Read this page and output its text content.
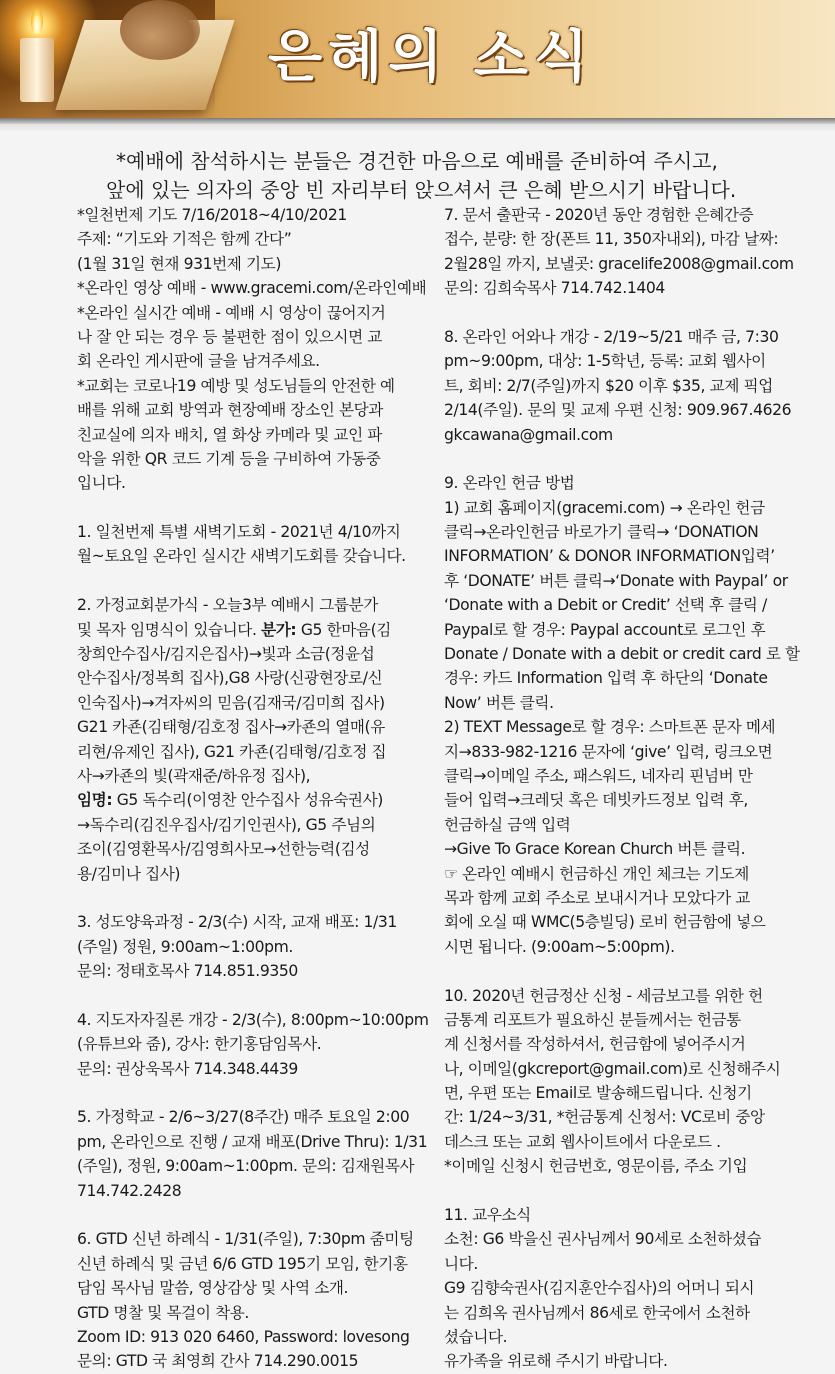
은혜의 소식
*예배에 참석하시는 분들은 경건한 마음으로 예배를 준비하여 주시고,
앞에 있는 의자의 중앙 빈 자리부터 앉으셔서 큰 은혜 받으시기 바랍니다.
*일천번제 기도 7/16/2018~4/10/2021
주제: “기도와 기적은 함께 간다”
(1월 31일 현재 931번제 기도)
*온라인 영상 예배 - www.gracemi.com/온라인예배
*온라인 실시간 예배 - 예배 시 영상이 끊어지거
나 잘 안 되는 경우 등 불편한 점이 있으시면 교
회 온라인 게시판에 글을 남겨주세요.
*교회는 코로나19 예방 및 성도님들의 안전한 예
배를 위해 교회 방역과 현장예배 장소인 본당과
친교실에 의자 배치, 열 화상 카메라 및 교인 파
악을 위한 QR 코드 기계 등을 구비하여 가동중
입니다.
1. 일천번제 특별 새벽기도회 - 2021년 4/10까지
월~토요일 온라인 실시간 새벽기도회를 갖습니다.
2. 가정교회분가식 - 오늘3부 예배시 그룹분가
및 목자 임명식이 있습니다. 분가: G5 한마음(김
창희안수집사/김지은집사)→빛과 소금(정윤섭
안수집사/정복희 집사),G8 사랑(신광현장로/신
인숙집사)→겨자씨의 믿음(김재국/김미희 집사)
G21 카죤(김태형/김호정 집사→카죤의 열매(유
리현/유제인 집사), G21 카죤(김태형/김호정 집
사→카죤의 빛(곽재준/하유정 집사),
임명: G5 독수리(이영찬 안수집사 성유숙권사)
→독수리(김진우집사/김기인권사), G5 주님의
조이(김영환목사/김영희사모→선한능력(김성
용/김미나 집사)
3. 성도양육과정 - 2/3(수) 시작, 교재 배포: 1/31
(주일) 정원, 9:00am~1:00pm.
문의: 정태호목사 714.851.9350
4. 지도자자질론 개강 - 2/3(수), 8:00pm~10:00pm
(유튜브와 줌), 강사: 한기홍담임목사.
문의: 권상욱목사 714.348.4439
5. 가정학교 - 2/6~3/27(8주간) 매주 토요일 2:00
pm, 온라인으로 진행 / 교재 배포(Drive Thru): 1/31
(주일), 정원, 9:00am~1:00pm. 문의: 김재원목사
714.742.2428
6. GTD 신년 하례식 - 1/31(주일), 7:30pm 줌미팅
신년 하례식 및 금년 6/6 GTD 195기 모임, 한기홍
담임 목사님 말씀, 영상감상 및 사역 소개.
GTD 명찰 및 목걸이 착용.
Zoom ID: 913 020 6460, Password: lovesong
문의: GTD 국 최영희 간사 714.290.0015
7. 문서 출판국 - 2020년 동안 경험한 은혜간증
접수, 분량: 한 장(폰트 11, 350자내외), 마감 날짜:
2월28일 까지, 보낼곳: gracelife2008@gmail.com
문의: 김희숙목사 714.742.1404
8. 온라인 어와나 개강 - 2/19~5/21 매주 금, 7:30
pm~9:00pm, 대상: 1-5학년, 등록: 교회 웹사이
트, 회비: 2/7(주일)까지 $20 이후 $35, 교제 픽업
2/14(주일). 문의 및 교제 우편 신청: 909.967.4626
gkcawana@gmail.com
9. 온라인 헌금 방법
1) 교회 홈페이지(gracemi.com) → 온라인 헌금
클릭→온라인헌금 바로가기 클릭→ ‘DONATION
INFORMATION’ & DONOR INFORMATION입력’
후 ‘DONATE’ 버튼 클릭→‘Donate with Paypal’ or
‘Donate with a Debit or Credit’ 선택 후 클릭 /
Paypal로 할 경우: Paypal account로 로그인 후
Donate / Donate with a debit or credit card 로 할
경우: 카드 Information 입력 후 하단의 ‘Donate
Now’ 버튼 클릭.
2) TEXT Message로 할 경우: 스마트폰 문자 메세
지→833-982-1216 문자에 ‘give’ 입력, 링크오면
클릭→이메일 주소, 패스워드, 네자리 핀넘버 만
들어 입력→크레딧 혹은 데빗카드정보 입력 후,
헌금하실 금액 입력
→Give To Grace Korean Church 버튼 클릭.
☞ 온라인 예배시 헌금하신 개인 체크는 기도제
목과 함께 교회 주소로 보내시거나 모았다가 교
회에 오실 때 WMC(5층빌딩) 로비 헌금함에 넣으
시면 됩니다. (9:00am~5:00pm).
10. 2020년 헌금정산 신청 - 세금보고를 위한 헌
금통계 리포트가 필요하신 분들께서는 헌금통
계 신청서를 작성하셔서, 헌금함에 넣어주시거
나, 이메일(gkcreport@gmail.com)로 신청해주시
면, 우편 또는 Email로 발송해드립니다. 신청기
간: 1/24~3/31, *헌금통계 신청서: VC로비 중앙
데스크 또는 교회 웹사이트에서 다운로드 .
*이메일 신청시 헌금번호, 영문이름, 주소 기입
11. 교우소식
소천: G6 박을신 권사님께서 90세로 소천하셨습
니다.
G9 김향숙권사(김지훈안수집사)의 어머니 되시
는 김희옥 권사님께서 86세로 한국에서 소천하
셨습니다.
유가족을 위로해 주시기 바랍니다.
